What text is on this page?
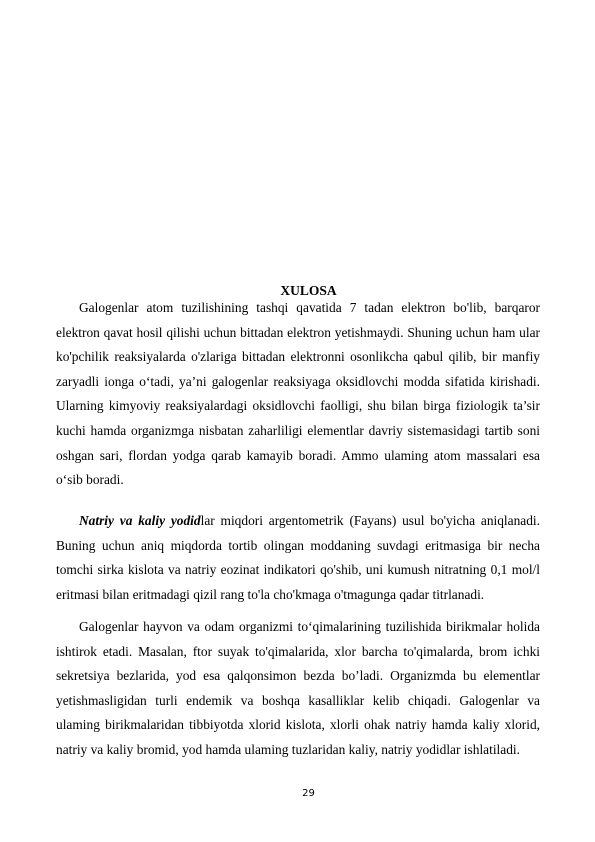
XULOSA

Galogenlar atom tuzilishining tashqi qavatida 7 tadan elektron bo'lib, barqaror elektron qavat hosil qilishi uchun bittadan elektron yetishmaydi. Shuning uchun ham ular ko'pchilik reaksiyalarda o'zlariga bittadan elektronni osonlikcha qabul qilib, bir manfiy zaryadli ionga o‘tadi, ya’ni galogenlar reaksiyaga oksidlovchi modda sifatida kirishadi. Ularning kimyoviy reaksiyalardagi oksidlovchi faolligi, shu bilan birga fiziologik ta’sir kuchi hamda organizmga nisbatan zaharliligi elementlar davriy sistemasidagi tartib soni oshgan sari, flordan yodga qarab kamayib boradi. Ammo ulaming atom massalari esa o‘sib boradi.

Natriy va kaliy yodidlar miqdori argentometrik (Fayans) usul bo'yicha aniqlanadi. Buning uchun aniq miqdorda tortib olingan moddaning suvdagi eritmasiga bir necha tomchi sirka kislota va natriy eozinat indikatori qo'shib, uni kumush nitratning 0,1 mol/l eritmasi bilan eritmadagi qizil rang to'la cho'kmaga o'tmagunga qadar titrlanadi.

Galogenlar hayvon va odam organizmi to‘qimalarining tuzilishida birikmalar holida ishtirok etadi. Masalan, ftor suyak to'qimalarida, xlor barcha to'qimalarda, brom ichki sekretsiya bezlarida, yod esa qalqonsimon bezda bo’ladi. Organizmda bu elementlar yetishmasligidan turli endemik va boshqa kasalliklar kelib chiqadi. Galogenlar va ulaming birikmalaridan tibbiyotda xlorid kislota, xlorli ohak natriy hamda kaliy xlorid, natriy va kaliy bromid, yod hamda ulaming tuzlaridan kaliy, natriy yodidlar ishlatiladi.

29
